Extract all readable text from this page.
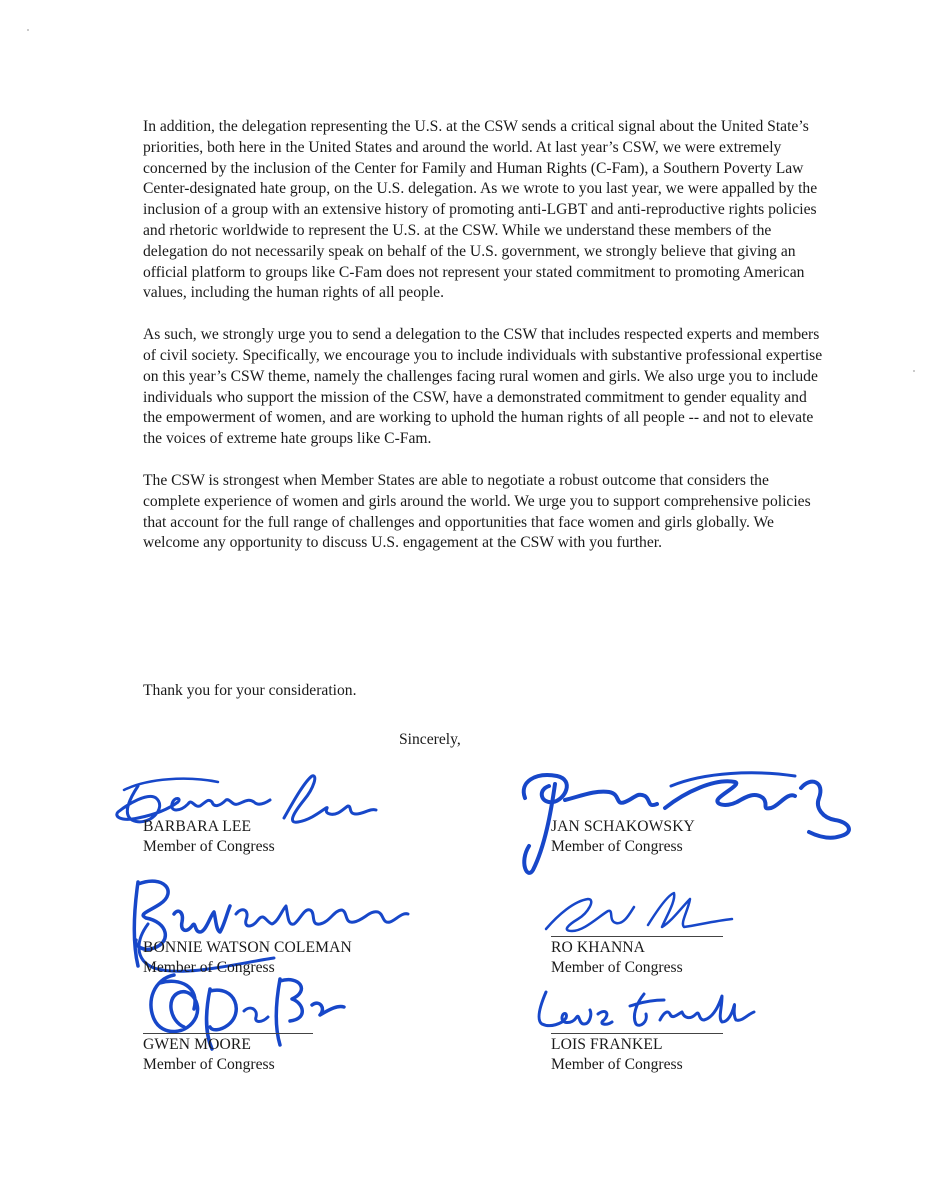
In addition, the delegation representing the U.S. at the CSW sends a critical signal about the United State’s priorities, both here in the United States and around the world. At last year’s CSW, we were extremely concerned by the inclusion of the Center for Family and Human Rights (C-Fam), a Southern Poverty Law Center-designated hate group, on the U.S. delegation. As we wrote to you last year, we were appalled by the inclusion of a group with an extensive history of promoting anti-LGBT and anti-reproductive rights policies and rhetoric worldwide to represent the U.S. at the CSW. While we understand these members of the delegation do not necessarily speak on behalf of the U.S. government, we strongly believe that giving an official platform to groups like C-Fam does not represent your stated commitment to promoting American values, including the human rights of all people.

As such, we strongly urge you to send a delegation to the CSW that includes respected experts and members of civil society. Specifically, we encourage you to include individuals with substantive professional expertise on this year’s CSW theme, namely the challenges facing rural women and girls. We also urge you to include individuals who support the mission of the CSW, have a demonstrated commitment to gender equality and the empowerment of women, and are working to uphold the human rights of all people -- and not to elevate the voices of extreme hate groups like C-Fam.

The CSW is strongest when Member States are able to negotiate a robust outcome that considers the complete experience of women and girls around the world. We urge you to support comprehensive policies that account for the full range of challenges and opportunities that face women and girls globally. We welcome any opportunity to discuss U.S. engagement at the CSW with you further.

Thank you for your consideration.
Sincerely,
BARBARA LEE
Member of Congress
JAN SCHAKOWSKY
Member of Congress
BONNIE WATSON COLEMAN
Member of Congress
RO KHANNA
Member of Congress
GWEN MOORE
Member of Congress
LOIS FRANKEL
Member of Congress
